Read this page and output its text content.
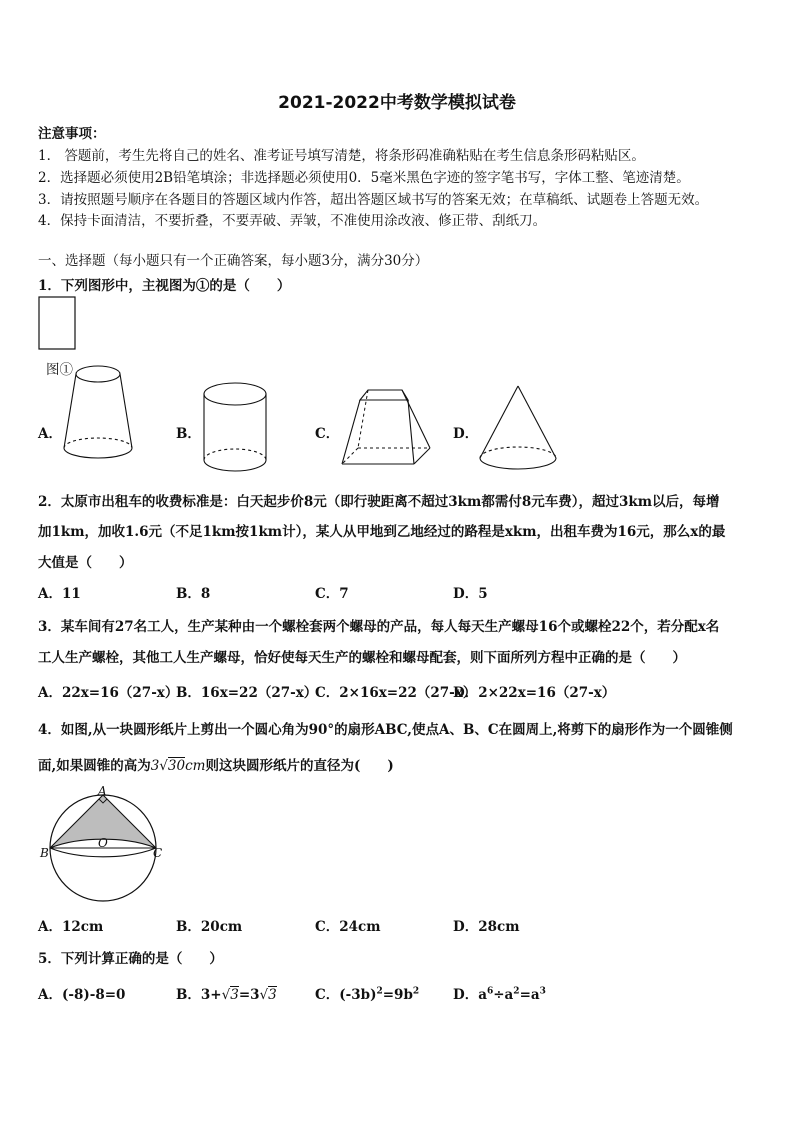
2021-2022中考数学模拟试卷
注意事项：
1． 答题前，考生先将自己的姓名、准考证号填写清楚，将条形码准确粘贴在考生信息条形码粘贴区。
2．选择题必须使用2B铅笔填涂；非选择题必须使用0．5毫米黑色字迹的签字笔书写，字体工整、笔迹清楚。
3．请按照题号顺序在各题目的答题区域内作答，超出答题区域书写的答案无效；在草稿纸、试题卷上答题无效。
4．保持卡面清洁，不要折叠，不要弄破、弄皱，不准使用涂改液、修正带、刮纸刀。
一、选择题（每小题只有一个正确答案，每小题3分，满分30分）
1．下列图形中，主视图为①的是（　　）
图①
A．	B．	C．	D．
2．太原市出租车的收费标准是：白天起步价8元（即行驶距离不超过3km都需付8元车费），超过3km以后，每增
加1km，加收1.6元（不足1km按1km计），某人从甲地到乙地经过的路程是xkm，出租车费为16元，那么x的最
大值是（　　）
A．11	B．8	C．7	D．5
3．某车间有27名工人，生产某种由一个螺栓套两个螺母的产品，每人每天生产螺母16个或螺栓22个，若分配x名
工人生产螺栓，其他工人生产螺母，恰好使每天生产的螺栓和螺母配套，则下面所列方程中正确的是（　　）
A．22x=16（27-x）
B．16x=22（27-x）
C．2×16x=22（27-x）
D．2×22x=16（27-x）
4．如图,从一块圆形纸片上剪出一个圆心角为90°的扇形ABC,使点A、B、C在圆周上,将剪下的扇形作为一个圆锥侧
面,如果圆锥的高为3√30cm则这块圆形纸片的直径为(　　)
A
B	C
O
A．12cm	B．20cm	C．24cm	D．28cm
5．下列计算正确的是（　　）
A．(-8)-8=0	B．3+√3=3√3	C．$(-3b)^2=9b^2$	D．$a^6\div a^2=a^3$
